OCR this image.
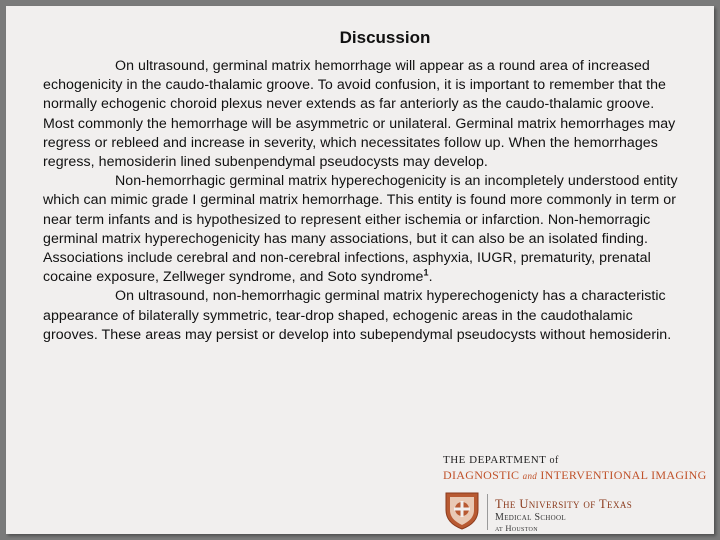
Discussion

On ultrasound, germinal matrix hemorrhage will appear as a round area of increased echogenicity in the caudo-thalamic groove. To avoid confusion, it is important to remember that the normally echogenic choroid plexus never extends as far anteriorly as the caudo-thalamic groove. Most commonly the hemorrhage will be asymmetric or unilateral. Germinal matrix hemorrhages may regress or rebleed and increase in severity, which necessitates follow up. When the hemorrhages regress, hemosiderin lined subenpendymal pseudocysts may develop.

Non-hemorrhagic germinal matrix hyperechogenicity is an incompletely understood entity which can mimic grade I germinal matrix hemorrhage. This entity is found more commonly in term or near term infants and is hypothesized to represent either ischemia or infarction. Non-hemorragic germinal matrix hyperechogenicity has many associations, but it can also be an isolated finding. Associations include cerebral and non-cerebral infections, asphyxia, IUGR, prematurity, prenatal cocaine exposure, Zellweger syndrome, and Soto syndrome$^1$.

On ultrasound, non-hemorrhagic germinal matrix hyperechogenicty has a characteristic appearance of bilaterally symmetric, tear-drop shaped, echogenic areas in the caudothalamic grooves. These areas may persist or develop into subependymal pseudocysts without hemosiderin.

THE DEPARTMENT of
DIAGNOSTIC and INTERVENTIONAL IMAGING
The University of Texas
Medical School
at Houston
